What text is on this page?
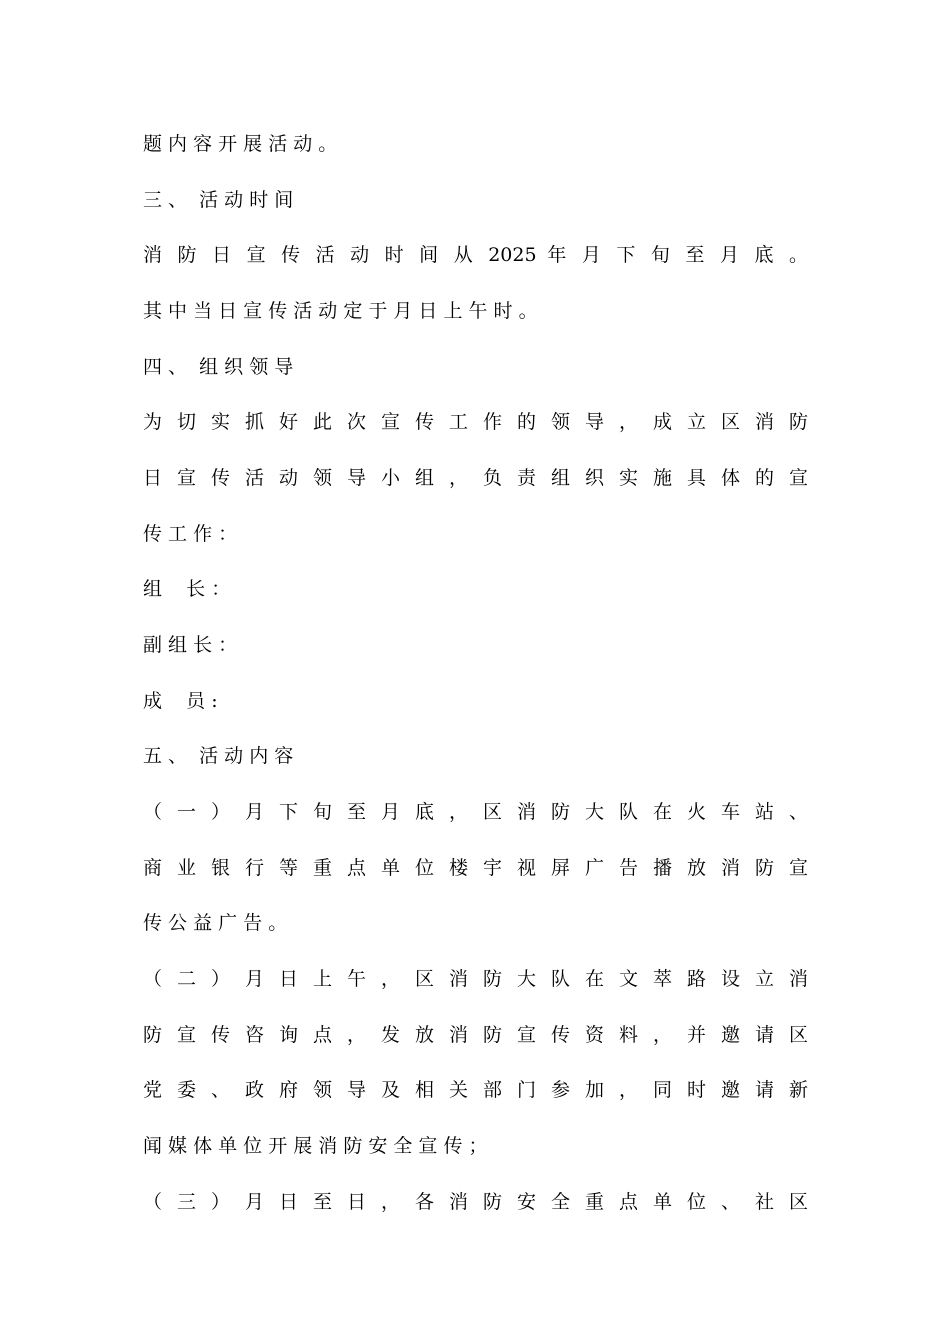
题 内 容 开 展 活 动 。
三 、  活 动 时 间
消 防 日 宣 传 活 动 时 间 从 2025 年 月 下 旬 至 月 底 。
其 中 当 日 宣 传 活 动 定 于 月 日 上 午 时 。
四 、  组 织 领 导
为 切 实 抓 好 此 次 宣 传 工 作 的 领 导 ， 成 立 区 消 防
日 宣 传 活 动 领 导 小 组 ， 负 责 组 织 实 施 具 体 的 宣
传 工 作 ：
组    长 ：
副 组 长 ：
成    员 :
五 、  活 动 内 容
（ 一 ） 月 下 旬 至 月 底 ， 区 消 防 大 队 在 火 车 站 、
商 业 银 行 等 重 点 单 位 楼 宇 视 屏 广 告 播 放 消 防 宣
传 公 益 广 告 。
（ 二 ） 月 日 上 午 ， 区 消 防 大 队 在 文 萃 路 设 立 消
防 宣 传 咨 询 点 ， 发 放 消 防 宣 传 资 料 ， 并 邀 请 区
党 委 、 政 府 领 导 及 相 关 部 门 参 加 ， 同 时 邀 请 新
闻 媒 体 单 位 开 展 消 防 安 全 宣 传 ；
（ 三 ） 月 日 至 日 ， 各 消 防 安 全 重 点 单 位 、 社 区
